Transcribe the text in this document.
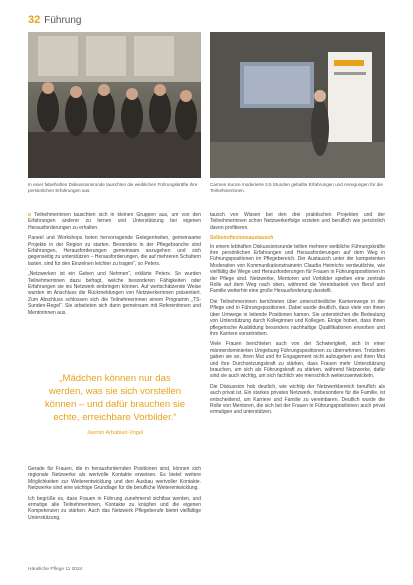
32 Führung
In einer fabelhaften Diskussionsrunde tauschten die weiblichen Führungskräfte ihre persönlichen Erfahrungen aus.
Carmen Kunze moderierte 3,5 Stunden geballte Erfahrungen und Anregungen für die Teilnehmerinnen.

o Teilnehmerinnen tauschten sich in kleinen Gruppen aus, um von den Erfahrungen anderer zu lernen und Unterstützung bei eigenen Herausforderungen zu erhalten.

Paneel und Workshops boten hervorragende Gelegenheiten, gemeinsame Projekte in der Region zu starten. Besonders in der Pflegebranche sind Erfahrungen, Herausforderungen gemeinsam anzugehen und sich gegenseitig zu unterstützen – Herausforderungen, die auf mehreren Schultern lasten, sind für den Einzelnen leichter zu tragen“, so Peters.

„Netzwerken ist ein Geben und Nehmen“, erklärte Peters. So wurden Teilnehmerinnen dazu befragt, welche besonderen Fähigkeiten oder Erfahrungen sie ins Netzwerk einbringen können. Auf wertschätzende Weise wurden im Anschluss die Rückmeldungen von Netzwerkerinnen präsentiert. Zum Abschluss schlossen sich die Teilnehmerinnen einem Programm „TS-Sunden-Regel“. Sie arbeiteten sich dann gemeinsam mit Referentinnen und Mentorinnen aus.

„Mädchen können nur das werden, was sie sich vorstellen können – und dafür brauchen sie echte, erreichbare Vorbilder.“
Jasmin Arbabian-Vogel

Gerade für Frauen, die in herausfordernden Positionen sind, können sich regionale Netzwerke als wertvolle Kontakte erweisen. Es bietet weitere Möglichkeiten zur Weiterentwicklung und den Ausbau wertvoller Kontakte. Netzwerke sind eine wichtige Grundlage für die berufliche Weiterentwicklung.

Ich begrüße es, dass Frauen in Führung zunehmend sichtbar werden, und ermutige alle Teilnehmerinnen, Kontakte zu knüpfen und die eigenen Kompetenzen zu stärken. Auch das Netzwerk Pflegeberufe bietet vielfältige Unterstützung.

tausch von Wissen bei den drei praktischen Projekten und der Teilnehmerinnen schon Netzwerkerfolge erzielen und beruflich wie persönlich davon profitieren.

Selbstreflexionsaustausch

In einem lebhaften Diskussionsrunde teilten mehrere weibliche Führungskräfte ihre persönlichen Erfahrungen und Herausforderungen auf dem Weg in Führungspositionen im Pflegebereich. Der Austausch unter der kompetenten Moderation von Kommunikationstrainerin Claudia Heinrichs verdeutlichte, wie vielfältig die Wege und Herausforderungen für Frauen in Führungspositionen in der Pflege sind. Netzwerke, Mentoren und Vorbilder spielten eine zentrale Rolle auf dem Weg nach oben, während die Vereinbarkeit von Beruf und Familie weiterhin eine große Herausforderung darstellt.

Die Teilnehmerinnen berichteten über unterschiedliche Karrierewege in der Pflege und in Führungspositionen. Dabei wurde deutlich, dass viele von ihnen über Umwege in leitende Positionen kamen. Sie unterstrichen die Bedeutung von Unterstützung durch Kolleginnen und Kollegen. Einige hoben, dass ihnen pflegerische Ausbildung besonders nachhaltige Qualifikationen erworben und ihre Karriere vorantrieben.

Viele Frauen berichteten auch von der Schwierigkeit, sich in einer männerdominierten Umgebung Führungspositionen zu übernehmen. Trotzdem gaben sie an, ihren Mut und ihr Engagement nicht aufzugeben und ihren Mut und ihre Durchsetzungskraft zu stärken, dass Frauen mehr Unterstützung brauchen, um sich als Führungskraft zu stärken, während Netzwerke, dafür sind sie auch wichtig, um sich fachlich wie menschlich weiterzuentwickeln.

Die Diskussion hob deutlich, wie wichtig der Netzwerkbereich beruflich als auch privat ist. Ein starkes privates Netzwerk, insbesondere für die Familie, ist entscheidend, um Karriere und Familie zu vereinbaren. Deutlich wurde die Rolle von Mentoren, die sich bei der Frauen in Führungspositionen auch privat ermutigen und unterstützen.

Häusliche Pflege 11 2024
